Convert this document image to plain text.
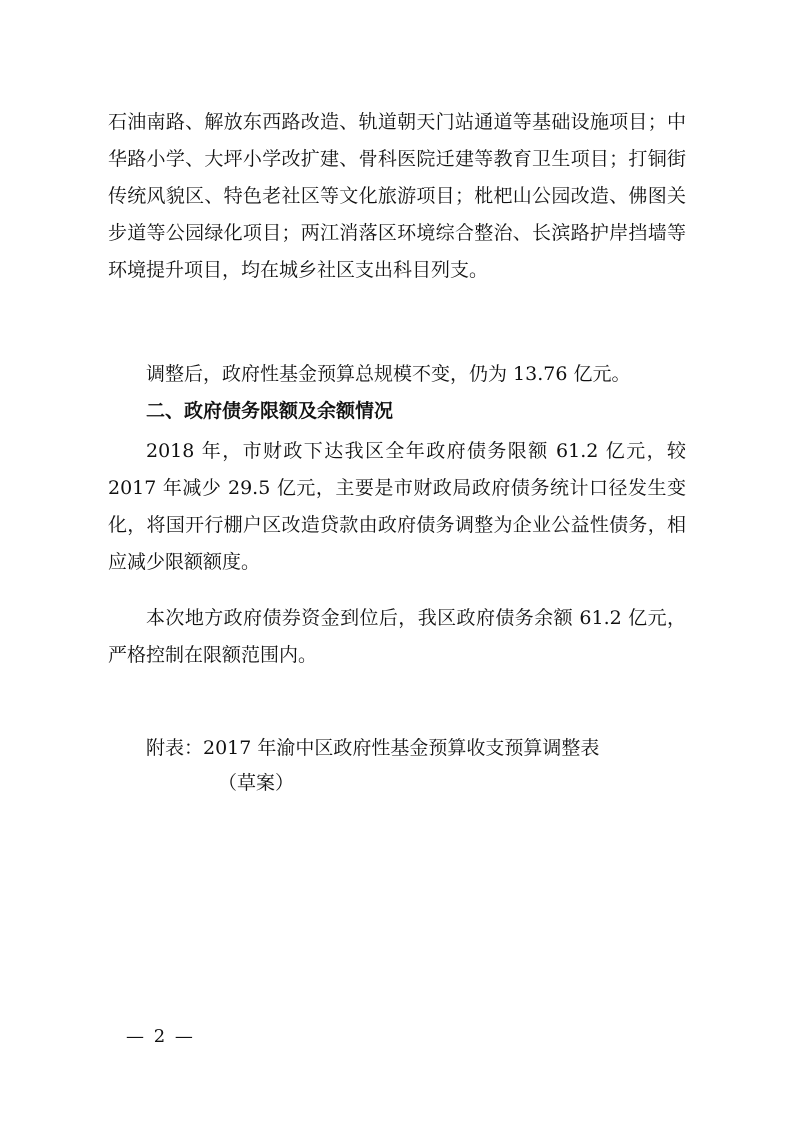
石油南路、解放东西路改造、轨道朝天门站通道等基础设施项目；中华路小学、大坪小学改扩建、骨科医院迁建等教育卫生项目；打铜街传统风貌区、特色老社区等文化旅游项目；枇杷山公园改造、佛图关步道等公园绿化项目；两江消落区环境综合整治、长滨路护岸挡墙等环境提升项目，均在城乡社区支出科目列支。

调整后，政府性基金预算总规模不变，仍为 13.76 亿元。

二、政府债务限额及余额情况

2018 年，市财政下达我区全年政府债务限额 61.2 亿元，较 2017 年减少 29.5 亿元，主要是市财政局政府债务统计口径发生变化，将国开行棚户区改造贷款由政府债务调整为企业公益性债务，相应减少限额额度。

本次地方政府债券资金到位后，我区政府债务余额 61.2 亿元，严格控制在限额范围内。

附表：2017 年渝中区政府性基金预算收支预算调整表

（草案）

— 2 —
